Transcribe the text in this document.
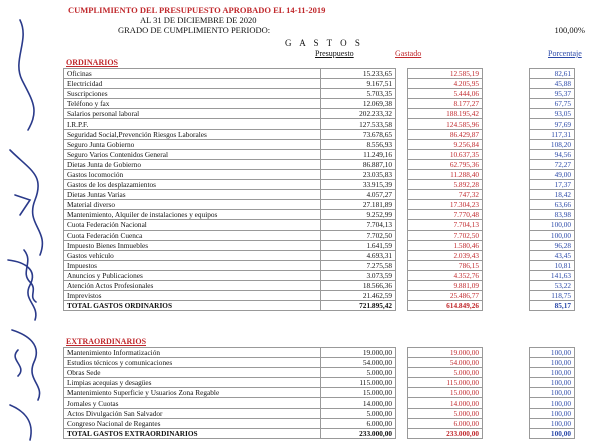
CUMPLIMIENTO DEL PRESUPUESTO APROBADO EL 14-11-2019
AL 31 DE DICIEMBRE DE 2020
GRADO DE CUMPLIMIENTO PERIODO:	100,00%
G A S T O S
Presupuesto	Gastado	Porcentaje
ORDINARIOS
Oficinas	15.233,65		12.585,19		82,61
Electricidad	9.167,51		4.205,95		45,88
Suscripciones	5.703,35		5.444,06		95,37
Teléfono y fax	12.069,38		8.177,27		67,75
Salarios personal laboral	202.233,32		188.195,42		93,05
I.R.P.F.	127.533,58		124.585,96		97,69
Seguridad Social,Prevención Riesgos Laborales	73.678,65		86.429,87		117,31
Seguro Junta Gobierno	8.556,93		9.256,84		108,20
Seguro Varios Contenidos General	11.249,16		10.637,35		94,56
Dietas Junta de Gobierno	86.887,10		62.795,36		72,27
Gastos locomoción	23.035,83		11.288,40		49,00
Gastos de los desplazamientos	33.915,39		5.892,28		17,37
Dietas Juntas Varias	4.057,27		747,32		18,42
Material diverso	27.181,89		17.304,23		63,66
Mantenimiento, Alquiler de instalaciones y equipos	9.252,99		7.770,48		83,98
Cuota Federación Nacional	7.704,13		7.704,13		100,00
Cuota Federación Cuenca	7.702,50		7.702,50		100,00
Impuesto Bienes Inmuebles	1.641,59		1.580,46		96,28
Gastos vehículo	4.693,31		2.039,43		43,45
Impuestos	7.275,58		786,15		10,81
Anuncios y Publicaciones	3.073,59		4.352,76		141,63
Atención Actos Profesionales	18.566,36		9.881,09		53,22
Imprevistos	21.462,59		25.486,77		118,75
TOTAL GASTOS ORDINARIOS	721.895,42		614.849,26		85,17
EXTRAORDINARIOS
Mantenimiento Informatización	19.000,00		19.000,00		100,00
Estudios técnicos y comunicaciones	54.000,00		54.000,00		100,00
Obras Sede	5.000,00		5.000,00		100,00
Limpias acequias y desagües	115.000,00		115.000,00		100,00
Mantenimiento Superficie y Usuarios Zona Regable	15.000,00		15.000,00		100,00
Jornales y Cuotas	14.000,00		14.000,00		100,00
Actos Divulgación San Salvador	5.000,00		5.000,00		100,00
Congreso Nacional de Regantes	6.000,00		6.000,00		100,00
TOTAL GASTOS EXTRAORDINARIOS	233.000,00		233.000,00		100,00
